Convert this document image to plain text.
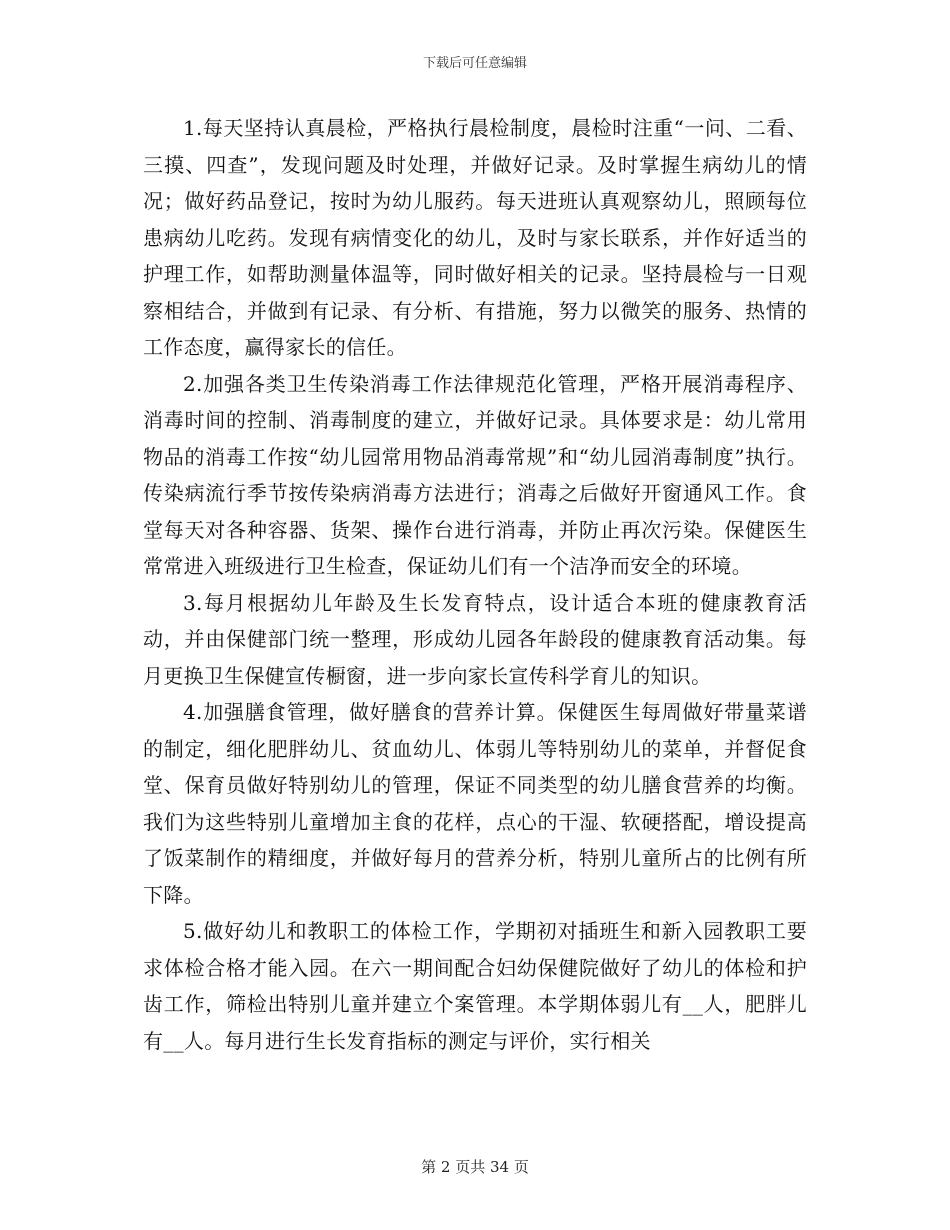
下载后可任意编辑

1.每天坚持认真晨检，严格执行晨检制度，晨检时注重“一问、二看、三摸、四查”，发现问题及时处理，并做好记录。及时掌握生病幼儿的情况；做好药品登记，按时为幼儿服药。每天进班认真观察幼儿，照顾每位患病幼儿吃药。发现有病情变化的幼儿，及时与家长联系，并作好适当的护理工作，如帮助测量体温等，同时做好相关的记录。坚持晨检与一日观察相结合，并做到有记录、有分析、有措施，努力以微笑的服务、热情的工作态度，赢得家长的信任。

2.加强各类卫生传染消毒工作法律规范化管理，严格开展消毒程序、消毒时间的控制、消毒制度的建立，并做好记录。具体要求是：幼儿常用物品的消毒工作按“幼儿园常用物品消毒常规”和“幼儿园消毒制度”执行。传染病流行季节按传染病消毒方法进行；消毒之后做好开窗通风工作。食堂每天对各种容器、货架、操作台进行消毒，并防止再次污染。保健医生常常进入班级进行卫生检查，保证幼儿们有一个洁净而安全的环境。

3.每月根据幼儿年龄及生长发育特点，设计适合本班的健康教育活动，并由保健部门统一整理，形成幼儿园各年龄段的健康教育活动集。每月更换卫生保健宣传橱窗，进一步向家长宣传科学育儿的知识。

4.加强膳食管理，做好膳食的营养计算。保健医生每周做好带量菜谱的制定，细化肥胖幼儿、贫血幼儿、体弱儿等特别幼儿的菜单，并督促食堂、保育员做好特别幼儿的管理，保证不同类型的幼儿膳食营养的均衡。我们为这些特别儿童增加主食的花样，点心的干湿、软硬搭配，增设提高了饭菜制作的精细度，并做好每月的营养分析，特别儿童所占的比例有所下降。

5.做好幼儿和教职工的体检工作，学期初对插班生和新入园教职工要求体检合格才能入园。在六一期间配合妇幼保健院做好了幼儿的体检和护齿工作，筛检出特别儿童并建立个案管理。本学期体弱儿有__人，肥胖儿有__人。每月进行生长发育指标的测定与评价，实行相关

第 2 页共 34 页
